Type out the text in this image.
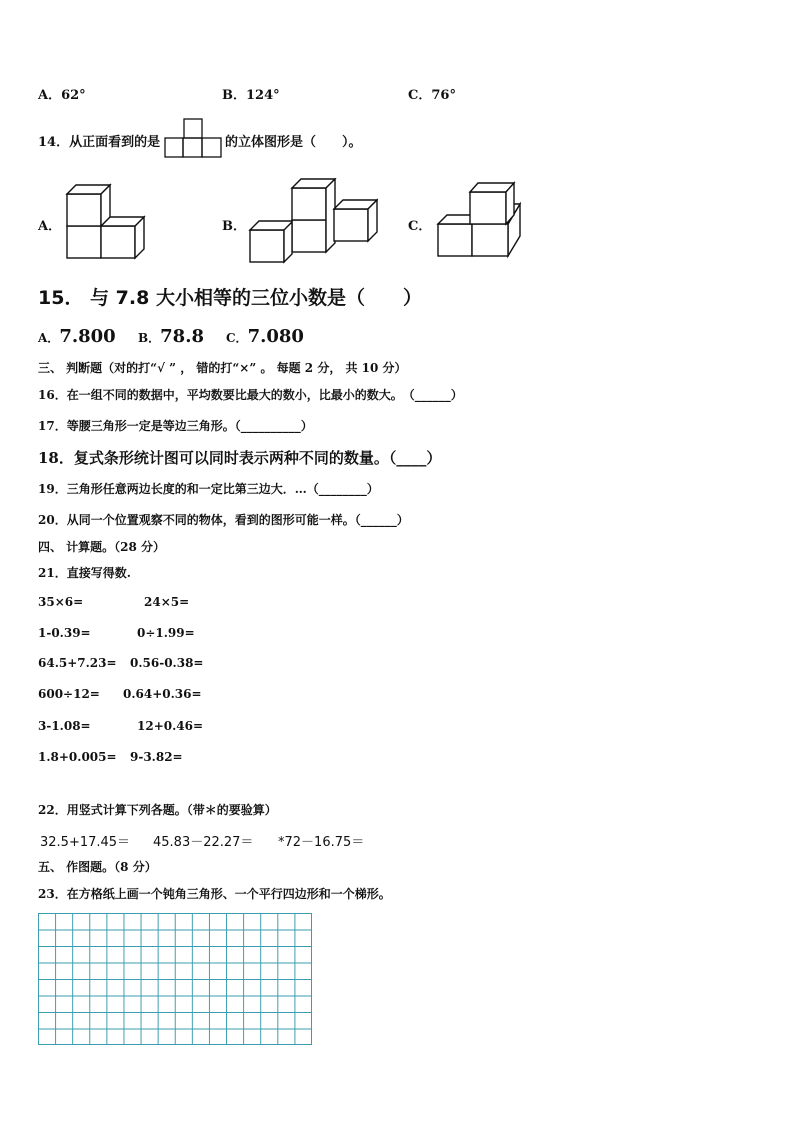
A．62°	B．124°	C．76°
14．从正面看到的是	的立体图形是（　　）。
A．	B．	C．
15． 与 7.8 大小相等的三位小数是（　　）
A．7.800 B．78.8 C．7.080
三、 判断题（对的打“√ ” ， 错的打“×” 。 每题 2 分， 共 10 分）
16．在一组不同的数据中，平均数要比最大的数小，比最小的数大。　（______）
17．等腰三角形一定是等边三角形。（__________）
18．复式条形统计图可以同时表示两种不同的数量。（____）
19．三角形任意两边长度的和一定比第三边大．…（________）
20．从同一个位置观察不同的物体，看到的图形可能一样。（______）
四、 计算题。（28 分）
21．直接写得数.
35×6=	24×5=
1-0.39=	0÷1.99=
64.5+7.23= 0.56-0.38=
600÷12= 0.64+0.36=
3-1.08=	12+0.46=
1.8+0.005= 9-3.82=
22．用竖式计算下列各题。（带＊的要验算）
32.5+17.45＝ 45.83－22.27＝ *72－16.75＝
五、 作图题。（8 分）
23．在方格纸上画一个钝角三角形、一个平行四边形和一个梯形。
